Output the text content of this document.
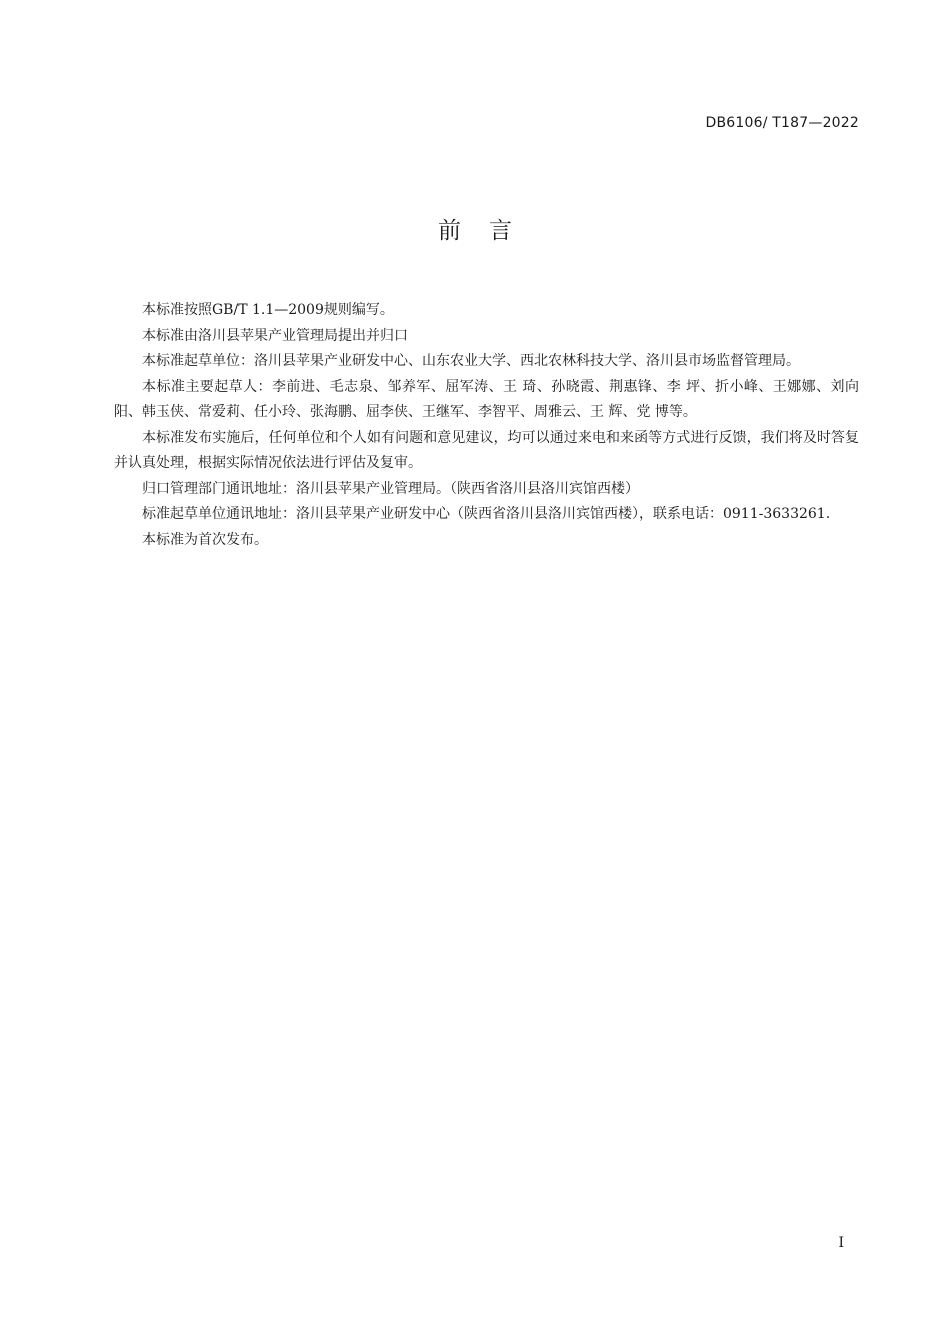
DB6106/ T187—2022
前言

本标准按照GB/T 1.1—2009规则编写。

本标准由洛川县苹果产业管理局提出并归口

本标准起草单位：洛川县苹果产业研发中心、山东农业大学、西北农林科技大学、洛川县市场监督管理局。

本标准主要起草人：李前进、毛志泉、邹养军、屈军涛、王 琦、孙晓霞、荆惠锋、李 坪、折小峰、王娜娜、刘向阳、韩玉侠、常爱莉、任小玲、张海鹏、屈李侠、王继军、李智平、周雅云、王 辉、党 博等。

本标准发布实施后，任何单位和个人如有问题和意见建议，均可以通过来电和来函等方式进行反馈，我们将及时答复并认真处理，根据实际情况依法进行评估及复审。

归口管理部门通讯地址：洛川县苹果产业管理局。（陕西省洛川县洛川宾馆西楼）

标准起草单位通讯地址：洛川县苹果产业研发中心（陕西省洛川县洛川宾馆西楼），联系电话：0911-3633261.

本标准为首次发布。

I
